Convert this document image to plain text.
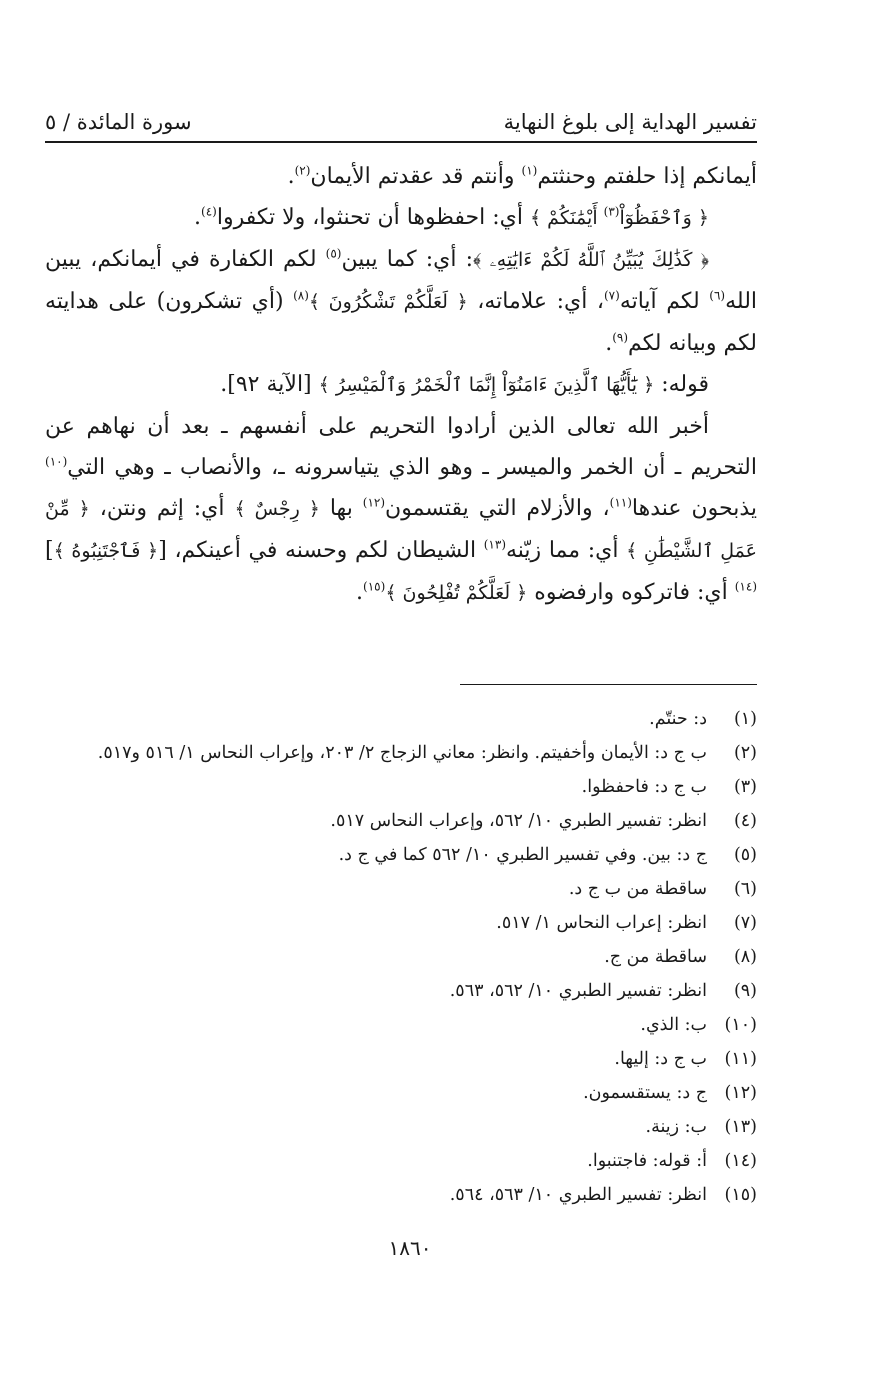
تفسير الهداية إلى بلوغ النهاية
سورة المائدة / ٥

أيمانكم إذا حلفتم وحنثتم$^{(١)}$ وأنتم قد عقدتم الأيمان$^{(٢)}$.

﴿ وَٱحْفَظُوٓاْ$^{(٣)}$ أَيْمَٰنَكُمْ ﴾ أي: احفظوها أن تحنثوا، ولا تكفروا$^{(٤)}$.

﴿ كَذَٰلِكَ يُبَيِّنُ ٱللَّهُ لَكُمْ ءَايَٰتِهِۦ ﴾: أي: كما يبين$^{(٥)}$ لكم الكفارة في أيمانكم، يبين الله$^{(٦)}$ لكم آياته$^{(٧)}$، أي: علاماته، ﴿ لَعَلَّكُمْ تَشْكُرُونَ ﴾$^{(٨)}$ (أي تشكرون) على هدايته لكم وبيانه لكم$^{(٩)}$.

قوله: ﴿ يَٰٓأَيُّهَا ٱلَّذِينَ ءَامَنُوٓاْ إِنَّمَا ٱلْخَمْرُ وَٱلْمَيْسِرُ ﴾ [الآية ٩٢].

أخبر الله تعالى الذين أرادوا التحريم على أنفسهم ـ بعد أن نهاهم عن التحريم ـ أن الخمر والميسر ـ وهو الذي يتياسرونه ـ، والأنصاب ـ وهي التي$^{(١٠)}$ يذبحون عندها$^{(١١)}$، والأزلام التي يقتسمون$^{(١٢)}$ بها ﴿ رِجْسٌ ﴾ أي: إثم ونتن، ﴿ مِّنْ عَمَلِ ٱلشَّيْطَٰنِ ﴾ أي: مما زيّنه$^{(١٣)}$ الشيطان لكم وحسنه في أعينكم، [﴿ فَٱجْتَنِبُوهُ ﴾]$^{(١٤)}$ أي: فاتركوه وارفضوه ﴿ لَعَلَّكُمْ تُفْلِحُونَ ﴾$^{(١٥)}$.

(١)
د: حنتّم.
(٢)
ب ج د: الأيمان وأخفيتم. وانظر: معاني الزجاج ٢/ ٢٠٣، وإعراب النحاس ١/ ٥١٦ و٥١٧.
(٣)
ب ج د: فاحفظوا.
(٤)
انظر: تفسير الطبري ١٠/ ٥٦٢، وإعراب النحاس ٥١٧.
(٥)
ج د: بين. وفي تفسير الطبري ١٠/ ٥٦٢ كما في ج د.
(٦)
ساقطة من ب ج د.
(٧)
انظر: إعراب النحاس ١/ ٥١٧.
(٨)
ساقطة من ج.
(٩)
انظر: تفسير الطبري ١٠/ ٥٦٢، ٥٦٣.
(١٠)
ب: الذي.
(١١)
ب ج د: إليها.
(١٢)
ج د: يستقسمون.
(١٣)
ب: زينة.
(١٤)
أ: قوله: فاجتنبوا.
(١٥)
انظر: تفسير الطبري ١٠/ ٥٦٣، ٥٦٤.
١٨٦٠
